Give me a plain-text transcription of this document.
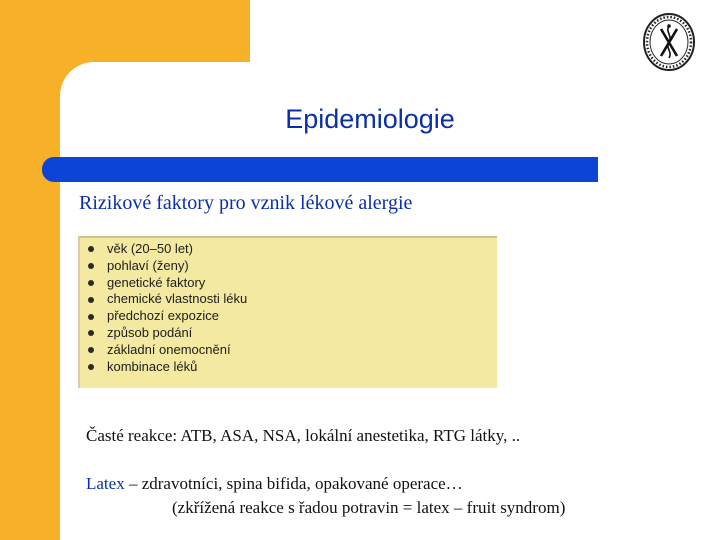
Epidemiologie
Rizikové faktory pro vznik lékové alergie
věk (20–50 let)
pohlaví (ženy)
genetické faktory
chemické vlastnosti léku
předchozí expozice
způsob podání
základní onemocnění
kombinace léků
Časté reakce: ATB, ASA, NSA, lokální anestetika, RTG látky, ..
Latex – zdravotníci, spina bifida, opakované operace…
(zkřížená reakce s řadou potravin = latex – fruit syndrom)
